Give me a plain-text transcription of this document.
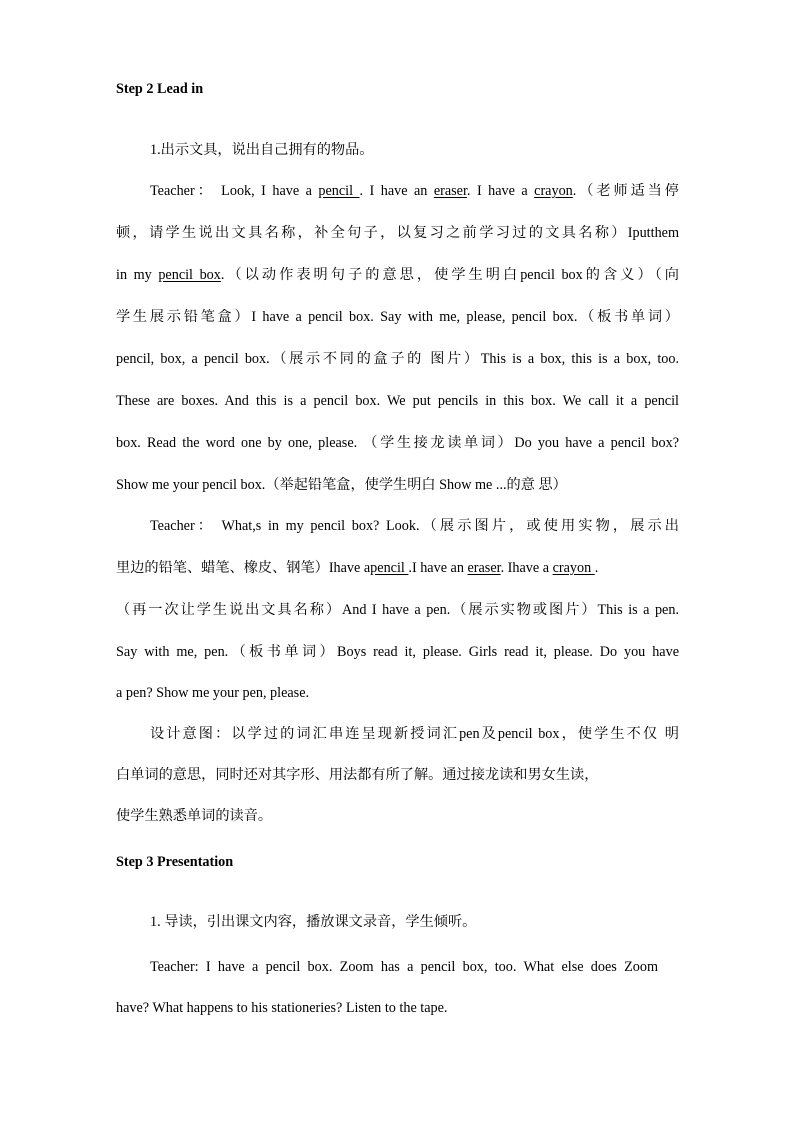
Step 2 Lead in
1.出示文具，说出自己拥有的物品。
Teacher： Look, I have a pencil . I have an eraser. I have a crayon.（老师适当停
顿，请学生说出文具名称，补全句子，以复习之前学习过的文具名称）Iputthem
in my pencil box.（以动作表明句子的意思，使学生明白pencil box的含义）（向
学生展示铅笔盒）I have a pencil box. Say with me, please, pencil box.（板书单词）
pencil, box, a pencil box.（展示不同的盒子的 图片）This is a box, this is a box, too.
These are boxes. And this is a pencil box. We put pencils in this box. We call it a pencil
box. Read the word one by one, please. （学生接龙读单词）Do you have a pencil box?
Show me your pencil box.（举起铅笔盒，使学生明白 Show me ...的意 思）
Teacher： What,s in my pencil box? Look.（展示图片，或使用实物，展示出
里边的铅笔、蜡笔、橡皮、钢笔）Ihave apencil .I have an eraser. Ihave a crayon .
（再一次让学生说出文具名称）And I have a pen.（展示实物或图片）This is a pen.
Say with me, pen.（板书单词）Boys read it, please. Girls read it, please. Do you have
a pen? Show me your pen, please.
设计意图：以学过的词汇串连呈现新授词汇pen及pencil box，使学生不仅 明
白单词的意思，同时还对其字形、用法都有所了解。通过接龙读和男女生读，
使学生熟悉单词的读音。
Step 3 Presentation
1. 导读，引出课文内容，播放课文录音，学生倾听。
Teacher: I have a pencil box. Zoom has a pencil box, too. What else does Zoom
have? What happens to his stationeries? Listen to the tape.
